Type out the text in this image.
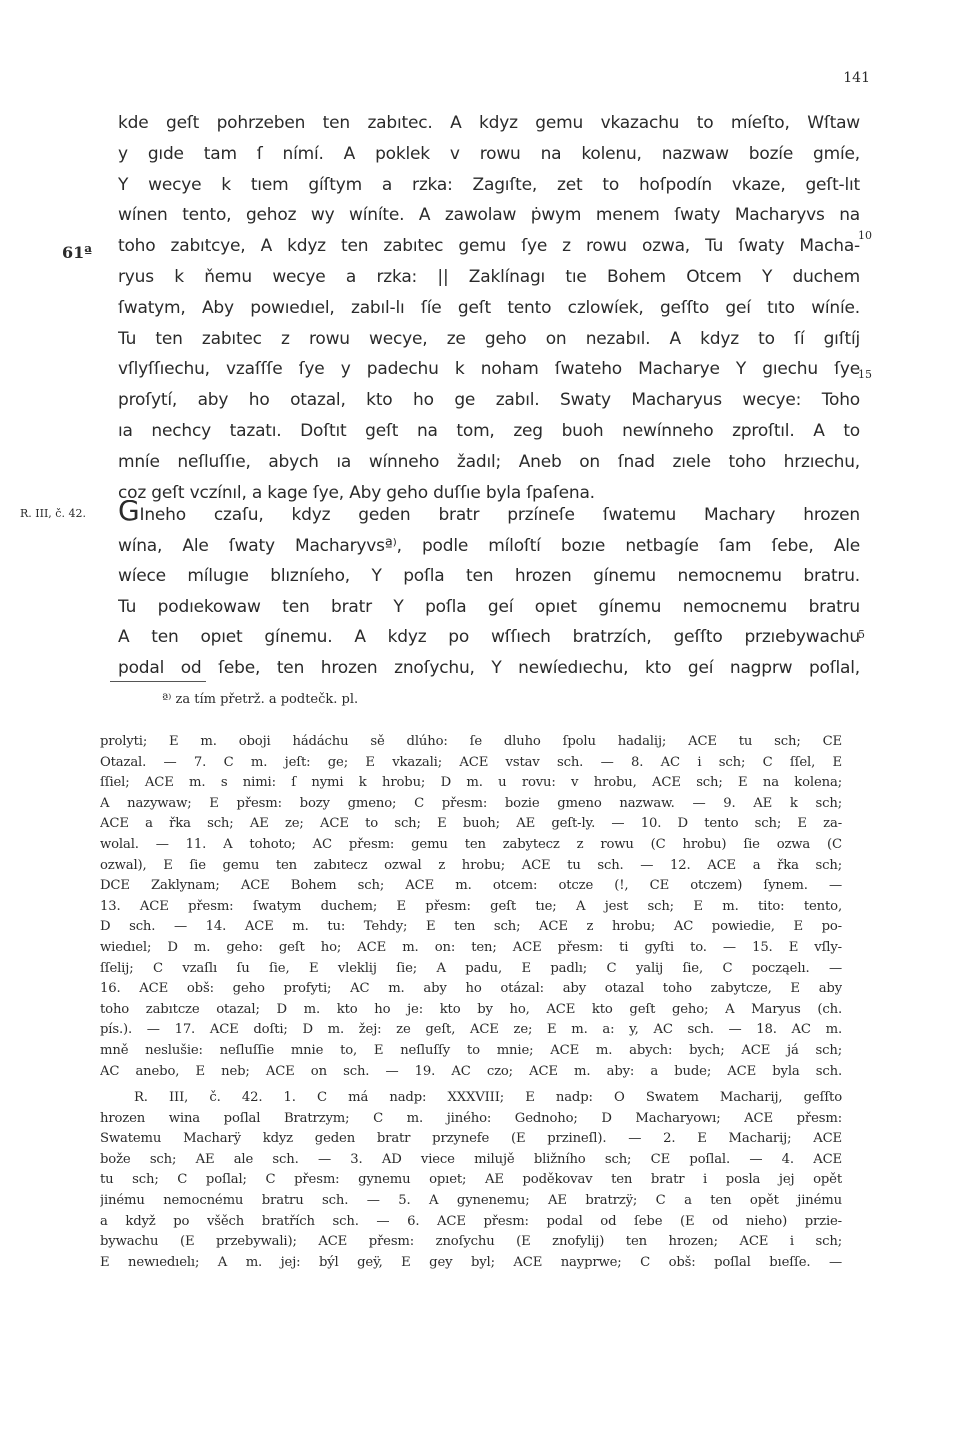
141
61ª
R. III, č. 42.
10
15
5
kde geſt pohrzeben ten zabıtec. A kdyz gemu vkazachu to míeſto, Wſtaw
y gıde tam ſ nímí. A poklek v rowu na kolenu, nazwaw bozíe gmíe,
Y wecye k tıem gíſtym a rzka: Zagıſte, zet to hoſpodín vkaze, geſt-lıt
wínen tento, gehoz wy wíníte. A zawolaw ṗwym menem ſwaty Macharyvs na
toho zabıtcye, A kdyz ten zabıtec gemu ſye z rowu ozwa, Tu ſwaty Macha-
ryus k ňemu wecye a rzka: || Zaklínagı tıe Bohem Otcem Y duchem
ſwatym, Aby powıedıel, zabıl-lı ſíe geſt tento czlowíek, geſſto geí tıto wíníe.
Tu ten zabıtec z rowu wecye, ze geho on nezabıl. A kdyz to ſí gıſtíj
vſlyſſıechu, vzaſſſe ſye y padechu k noham ſwateho Macharye Y gıechu ſye
proſytí, aby ho otazal, kto ho ge zabıl. Swaty Macharyus wecye: Toho
ıa nechcy tazatı. Doſtıt geſt na tom, zeg buoh newínneho zproſtıl. A to
mníe neſluſſıe, abych ıa wínneho žadıl; Aneb on ſnad zıele toho hrzıechu,
coz geſt vczínıl, a kage ſye, Aby geho duſſıe byla ſpaſena.
GIneho czaſu, kdyz geden bratr przíneſe ſwatemu Machary hrozen
wína, Ale ſwaty Macharyvsª⁾, podle míloſtí bozıe netbagíe ſam ſebe, Ale
wíece mílugıe blızníeho, Y poſla ten hrozen gínemu nemocnemu bratru.
Tu podıekowaw ten bratr Y poſla geí opıet gínemu nemocnemu bratru
A ten opıet gínemu. A kdyz po wſſıech bratrzích, geſſto przıebywachu
podal od ſebe, ten hrozen znoſychu, Y newíedıechu, kto geí nagprw poſlal,
ª⁾ za tím přetrž. a podtečk. pl.
prolyti; E m. oboji hádáchu sě dlúho: ſe dluho ſpolu hadalij; ACE tu sch; CE
Otazal. — 7. C m. jeſt: ge; E vkazali; ACE vstav sch. — 8. AC i sch; C ſſel, E
ſſiel; ACE m. s nimi: ſ nymi k hrobu; D m. u rovu: v hrobu, ACE sch; E na kolena;
A nazywaw; E přesm: bozy gmeno; C přesm: bozie gmeno nazwaw. — 9. AE k sch;
ACE a řka sch; AE ze; ACE to sch; E buoh; AE geſt-ly. — 10. D tento sch; E za-
wolal. — 11. A tohoto; AC přesm: gemu ten zabytecz z rowu (C hrobu) ſie ozwa (C
ozwal), E ſie gemu ten zabıtecz ozwal z hrobu; ACE tu sch. — 12. ACE a řka sch;
DCE Zaklynam; ACE Bohem sch; ACE m. otcem: otcze (!, CE otczem) ſynem. —
13. ACE přesm: ſwatym duchem; E přesm: geſt tıe; A jest sch; E m. tito: tento,
D sch. — 14. ACE m. tu: Tehdy; E ten sch; ACE z hrobu; AC powiedie, E po-
wiedıel; D m. geho: geſt ho; ACE m. on: ten; ACE přesm: ti gyſti to. — 15. E vſly-
ſſelij; C vzaſlı ſu ſie, E vleklij ſie; A padu, E padlı; C yalij ſie, C począelı. —
16. ACE obš: geho profyti; AC m. aby ho otázal: aby otazal toho zabytcze, E aby
toho zabıtcze otazal; D m. kto ho je: kto by ho, ACE kto geſt geho; A Maryus (ch.
pís.). — 17. ACE doſti; D m. žej: ze geſt, ACE ze; E m. a: y, AC sch. — 18. AC m.
mně neslušie: neſluſſie mnie to, E neſluſſy to mnie; ACE m. abych: bych; ACE já sch;
AC anebo, E neb; ACE on sch. — 19. AC czo; ACE m. aby: a bude; ACE byla sch.
R. III, č. 42. 1. C má nadp: XXXVIII; E nadp: O Swatem Macharij, geſſto
hrozen wina poſlal Bratrzym; C m. jiného: Gednoho; D Macharyowı; ACE přesm:
Swatemu Macharÿ kdyz geden bratr przynefe (E przineſl). — 2. E Macharij; ACE
bože sch; AE ale sch. — 3. AD viece milujě bližního sch; CE poſlal. — 4. ACE
tu sch; C poſlal; C přesm: gynemu opıet; AE poděkovav ten bratr i posla jej opět
jinému nemocnému bratru sch. — 5. A gynenemu; AE bratrzÿ; C a ten opět jinému
a když po všěch bratřích sch. — 6. ACE přesm: podal od ſebe (E od nieho) przie-
bywachu (E przebywali); ACE přesm: znoſychu (E znofylij) ten hrozen; ACE i sch;
E newıedıelı; A m. jej: býl geÿ, E gey byl; ACE nayprwe; C obš: poſlal bıeſſe. —
